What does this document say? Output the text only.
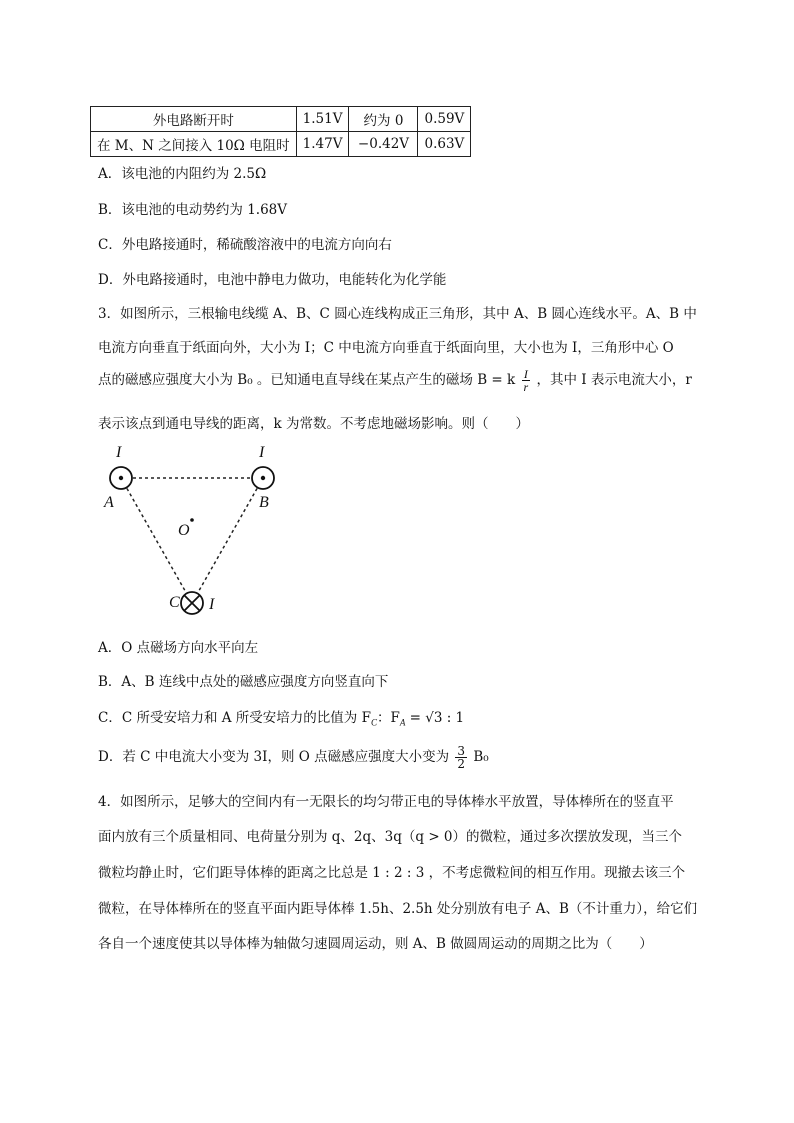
外电路断开时	1.51V	约为 0	0.59V
在 M、N 之间接入 10Ω 电阻时	1.47V	−0.42V	0.63V
A．该电池的内阻约为 2.5Ω
B．该电池的电动势约为 1.68V
C．外电路接通时，稀硫酸溶液中的电流方向向右
D．外电路接通时，电池中静电力做功，电能转化为化学能
3．如图所示，三根输电线缆 A、B、C 圆心连线构成正三角形，其中 A、B 圆心连线水平。A、B 中
电流方向垂直于纸面向外，大小为 I；C 中电流方向垂直于纸面向里，大小也为 I，三角形中心 O
点的磁感应强度大小为 B₀ 。已知通电直导线在某点产生的磁场 B = k $\frac{I}{r}$ ，其中 I 表示电流大小，r
表示该点到通电导线的距离，k 为常数。不考虑地磁场影响。则（　　）
I	I
A	B
O
C I
A．O 点磁场方向水平向左
B．A、B 连线中点处的磁感应强度方向竖直向下
C．C 所受安培力和 A 所受安培力的比值为 $F_C$：$F_A = √3$ : 1
D．若 C 中电流大小变为 3I，则 O 点磁感应强度大小变为 $\frac{3}{2} B_0$
4．如图所示，足够大的空间内有一无限长的均匀带正电的导体棒水平放置，导体棒所在的竖直平
面内放有三个质量相同、电荷量分别为 q、2q、3q（q > 0）的微粒，通过多次摆放发现，当三个
微粒均静止时，它们距导体棒的距离之比总是 1 : 2 : 3 ，不考虑微粒间的相互作用。现撤去该三个
微粒，在导体棒所在的竖直平面内距导体棒 1.5h、2.5h 处分别放有电子 A、B（不计重力），给它们
各自一个速度使其以导体棒为轴做匀速圆周运动，则 A、B 做圆周运动的周期之比为（　　）
